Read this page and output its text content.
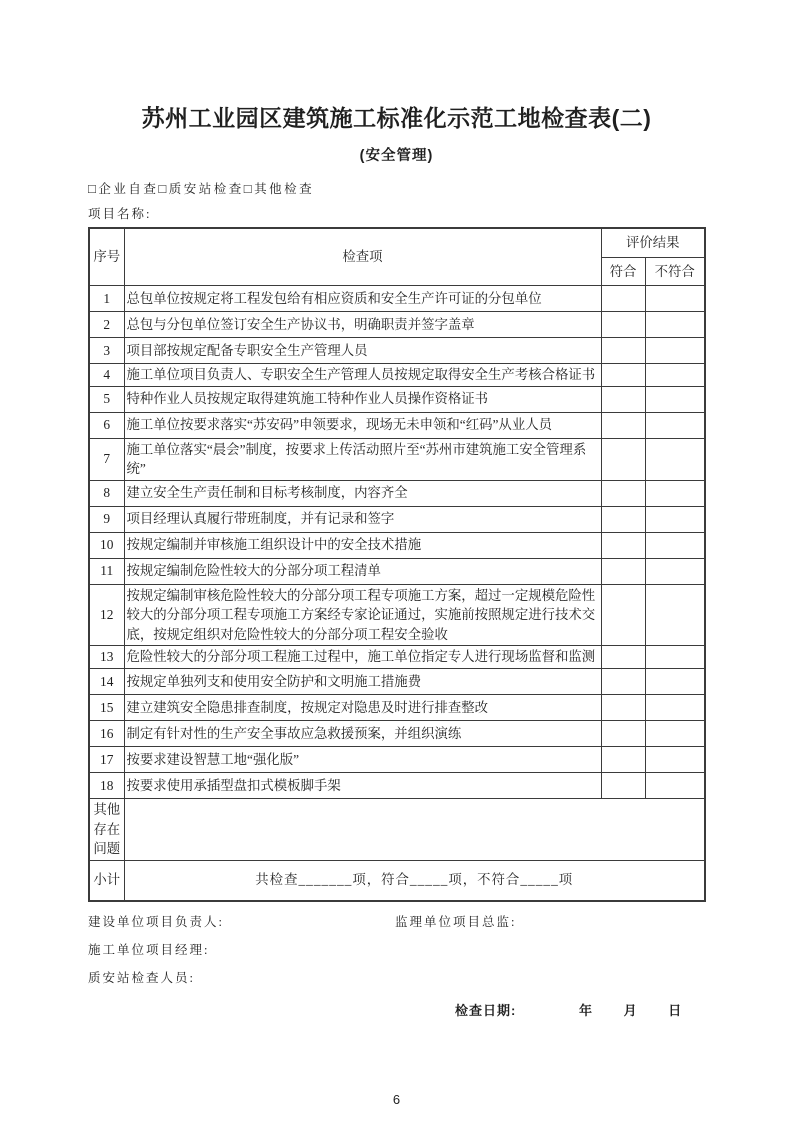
苏州工业园区建筑施工标准化示范工地检查表(二)
(安全管理)
□企业自查□质安站检查□其他检查
项目名称:
序号	检查项	评价结果	
		符合	不符合
1	总包单位按规定将工程发包给有相应资质和安全生产许可证的分包单位		
2	总包与分包单位签订安全生产协议书，明确职责并签字盖章		
3	项目部按规定配备专职安全生产管理人员		
4	施工单位项目负责人、专职安全生产管理人员按规定取得安全生产考核合格证书		
5	特种作业人员按规定取得建筑施工特种作业人员操作资格证书		
6	施工单位按要求落实“苏安码”申领要求，现场无未申领和“红码”从业人员		
7	施工单位落实“晨会”制度，按要求上传活动照片至“苏州市建筑施工安全管理系统”		
8	建立安全生产责任制和目标考核制度，内容齐全		
9	项目经理认真履行带班制度，并有记录和签字		
10	按规定编制并审核施工组织设计中的安全技术措施		
11	按规定编制危险性较大的分部分项工程清单		
12	按规定编制审核危险性较大的分部分项工程专项施工方案，超过一定规模危险性较大的分部分项工程专项施工方案经专家论证通过，实施前按照规定进行技术交底，按规定组织对危险性较大的分部分项工程安全验收		
13	危险性较大的分部分项工程施工过程中，施工单位指定专人进行现场监督和监测		
14	按规定单独列支和使用安全防护和文明施工措施费		
15	建立建筑安全隐患排查制度，按规定对隐患及时进行排查整改		
16	制定有针对性的生产安全事故应急救援预案，并组织演练		
17	按要求建设智慧工地“强化版”		
18	按要求使用承插型盘扣式模板脚手架		
其他存在问题			
小计	共检查_______项，符合_____项，不符合_____项		
建设单位项目负责人:	监理单位项目总监:
施工单位项目经理:
质安站检查人员:
检查日期:	年 月 日
6
